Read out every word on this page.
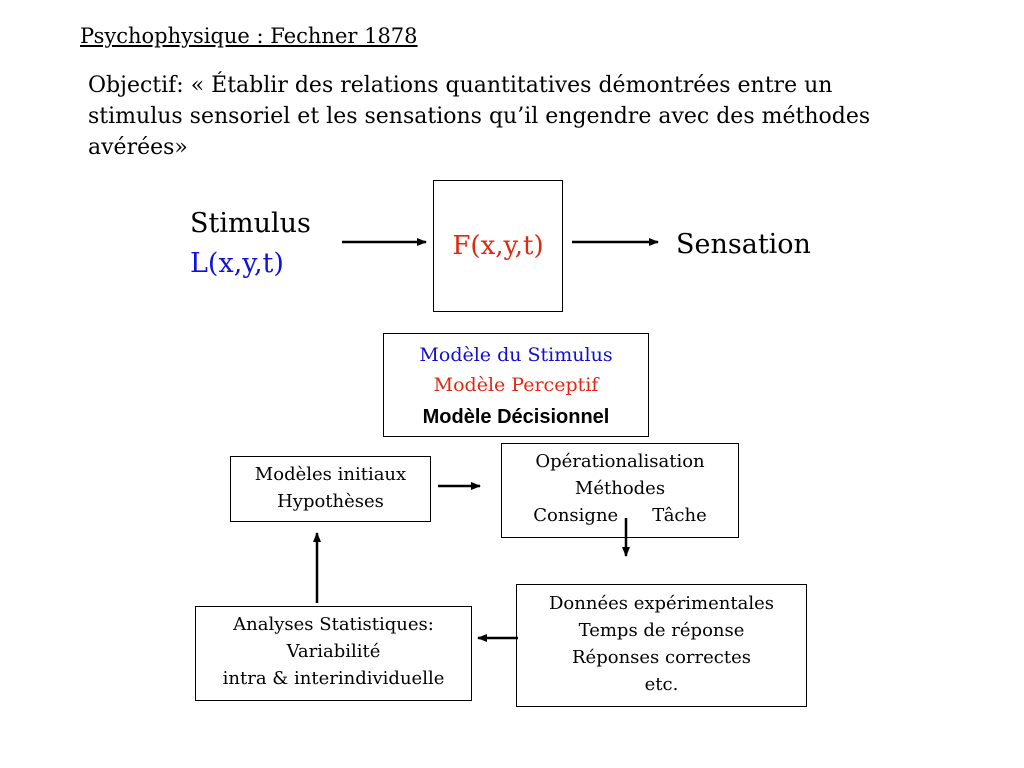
Psychophysique : Fechner 1878
Objectif: « Établir des relations quantitatives démontrées entre un stimulus sensoriel et les sensations qu’il engendre avec des méthodes avérées»
Stimulus
L(x,y,t)
F(x,y,t)	Sensation
Modèle du Stimulus
Modèle Perceptif
Modèle Décisionnel
Modèles initiaux
Hypothèses
Opérationalisation
Méthodes
Consigne Tâche
Données expérimentales
Temps de réponse
Réponses correctes
etc.
Analyses Statistiques:
Variabilité
intra & interindividuelle
